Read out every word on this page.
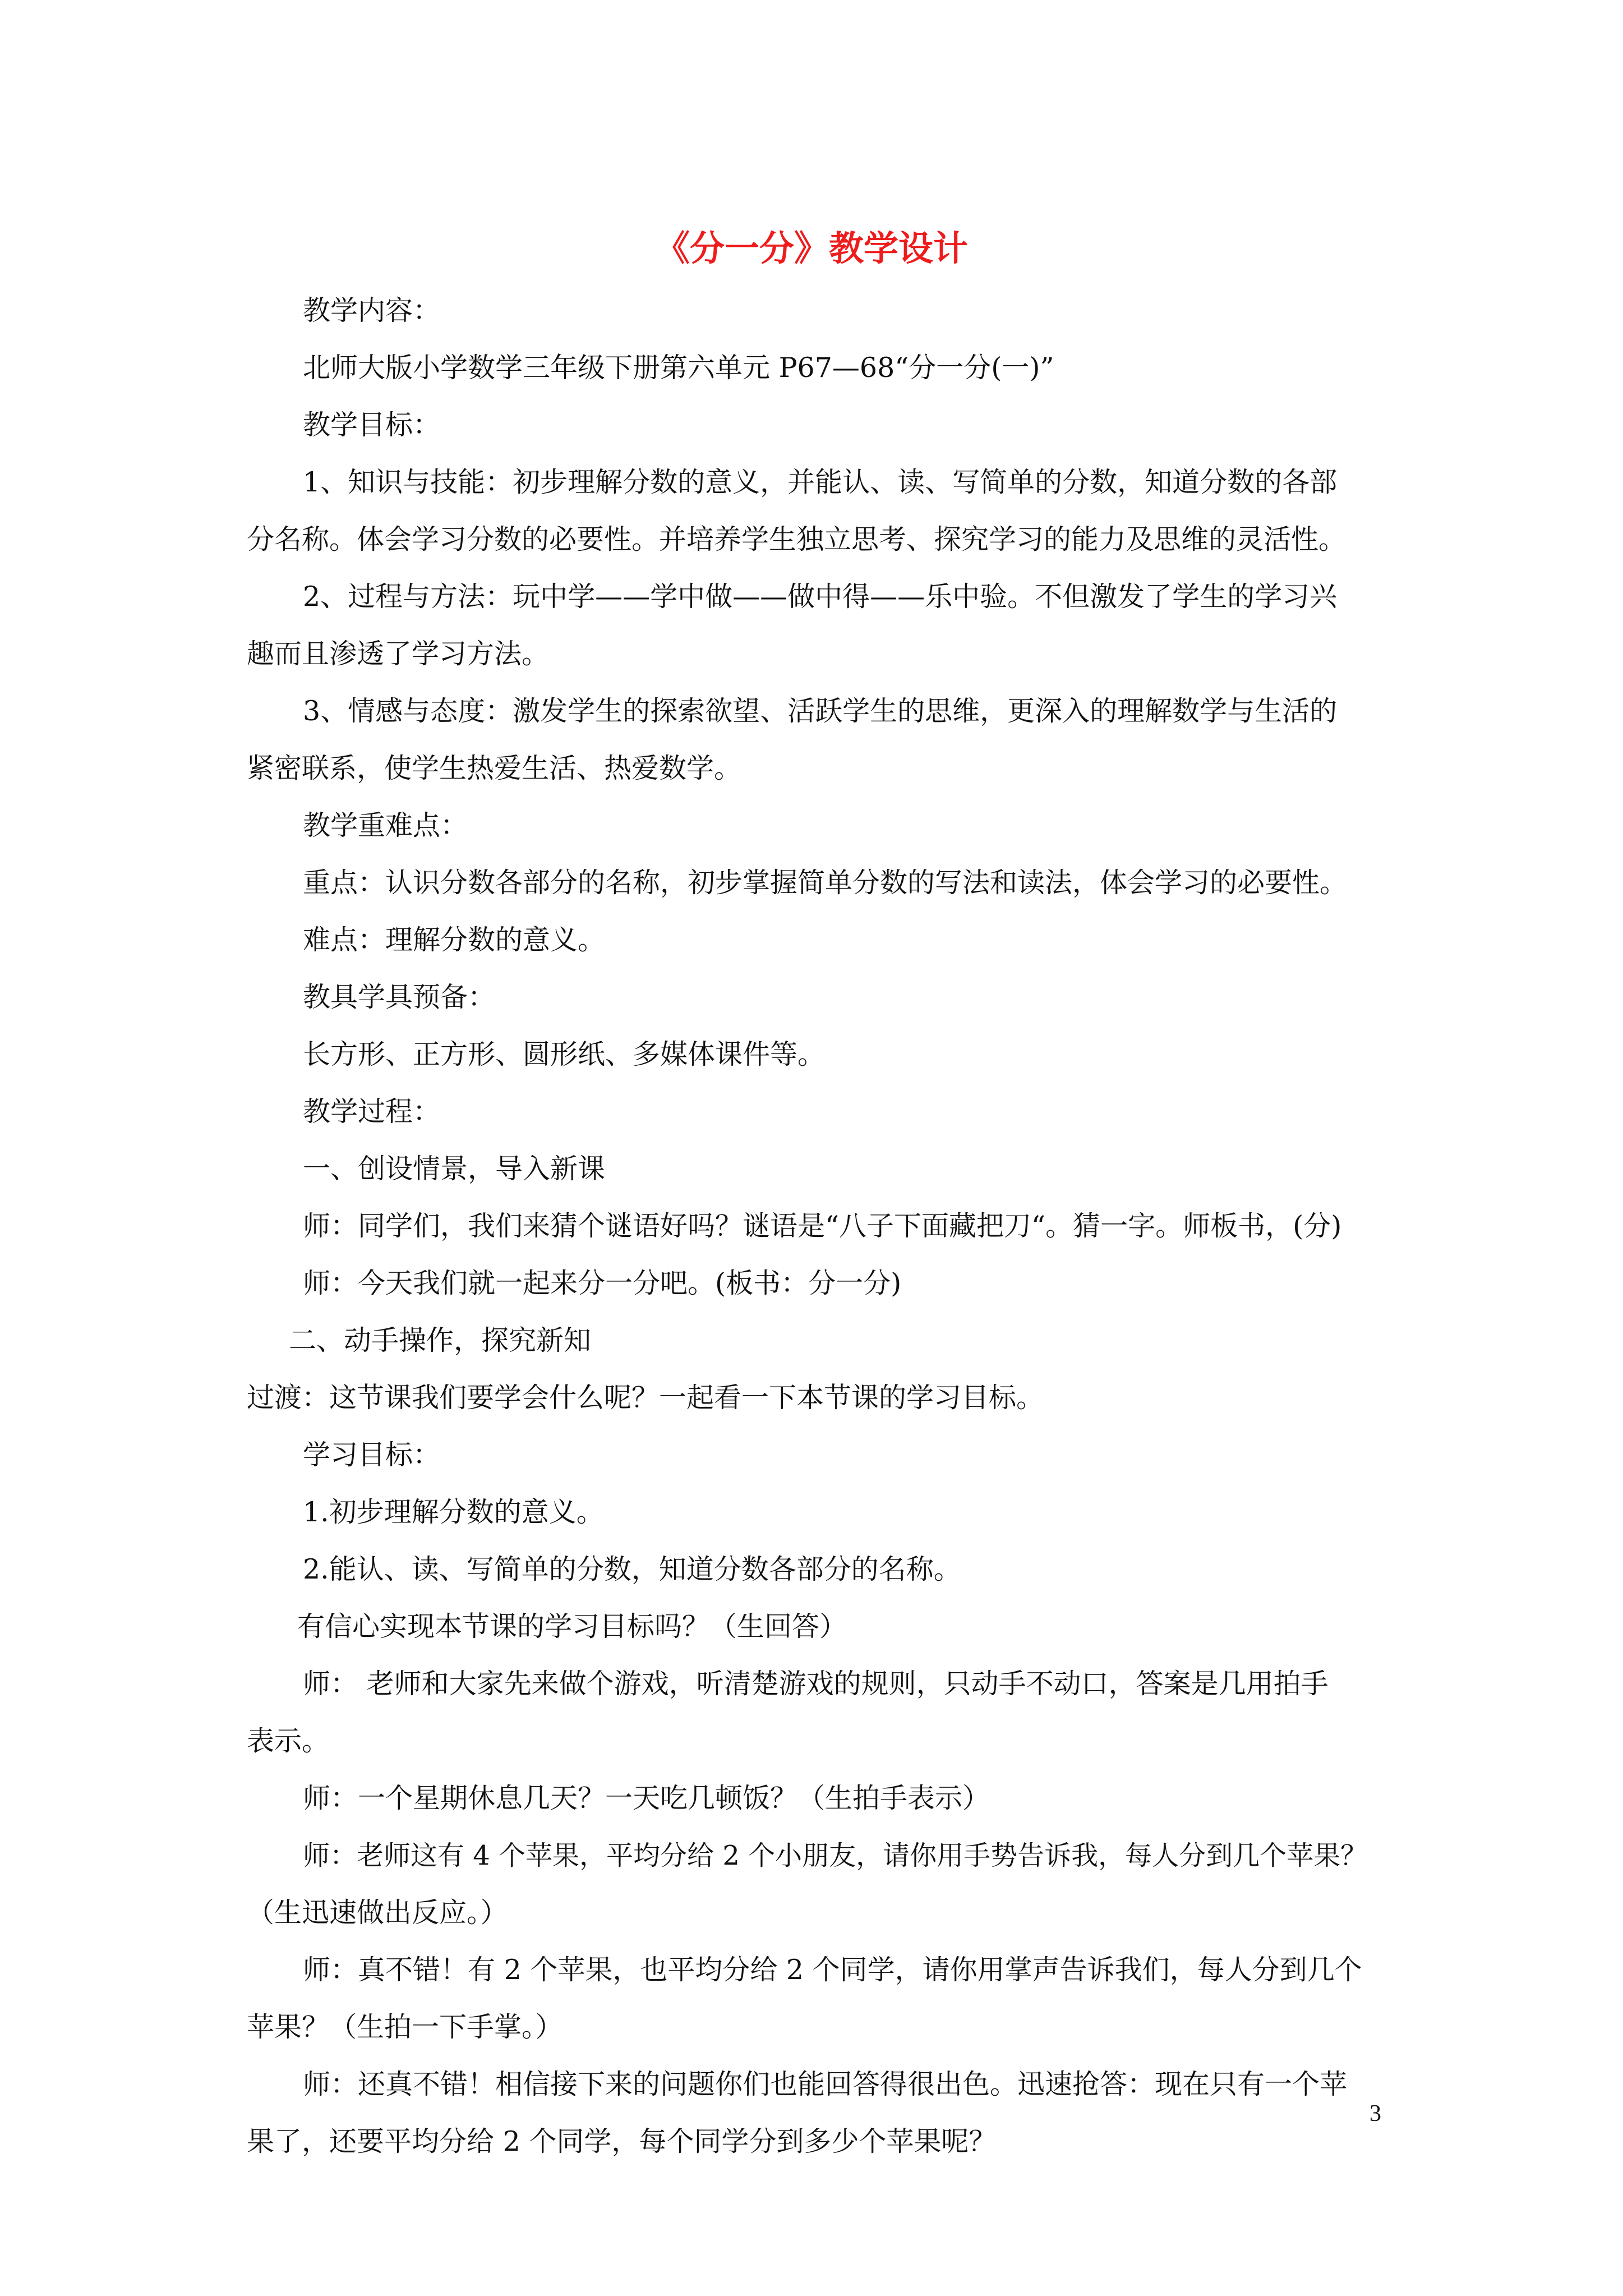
《分一分》教学设计
教学内容：
北师大版小学数学三年级下册第六单元 P67—68“分一分(一)”
教学目标：
1、知识与技能：初步理解分数的意义，并能认、读、写简单的分数，知道分数的各部
分名称。体会学习分数的必要性。并培养学生独立思考、探究学习的能力及思维的灵活性。
2、过程与方法：玩中学——学中做——做中得——乐中验。不但激发了学生的学习兴
趣而且渗透了学习方法。
3、情感与态度：激发学生的探索欲望、活跃学生的思维，更深入的理解数学与生活的
紧密联系，使学生热爱生活、热爱数学。
教学重难点：
重点：认识分数各部分的名称，初步掌握简单分数的写法和读法，体会学习的必要性。
难点：理解分数的意义。
教具学具预备：
长方形、正方形、圆形纸、多媒体课件等。
教学过程：
一、创设情景，导入新课
师：同学们，我们来猜个谜语好吗？谜语是“八子下面藏把刀“。猜一字。师板书，(分)
师：今天我们就一起来分一分吧。(板书：分一分)
二、动手操作，探究新知
过渡：这节课我们要学会什么呢？一起看一下本节课的学习目标。
学习目标：
1.初步理解分数的意义。
2.能认、读、写简单的分数，知道分数各部分的名称。
有信心实现本节课的学习目标吗？（生回答）
师： 老师和大家先来做个游戏，听清楚游戏的规则，只动手不动口，答案是几用拍手
表示。
师：一个星期休息几天？一天吃几顿饭？（生拍手表示）
师：老师这有 4 个苹果，平均分给 2 个小朋友，请你用手势告诉我，每人分到几个苹果？
（生迅速做出反应。）
师：真不错！有 2 个苹果，也平均分给 2 个同学，请你用掌声告诉我们，每人分到几个
苹果？（生拍一下手掌。）
师：还真不错！相信接下来的问题你们也能回答得很出色。迅速抢答：现在只有一个苹
果了，还要平均分给 2 个同学，每个同学分到多少个苹果呢？
3
